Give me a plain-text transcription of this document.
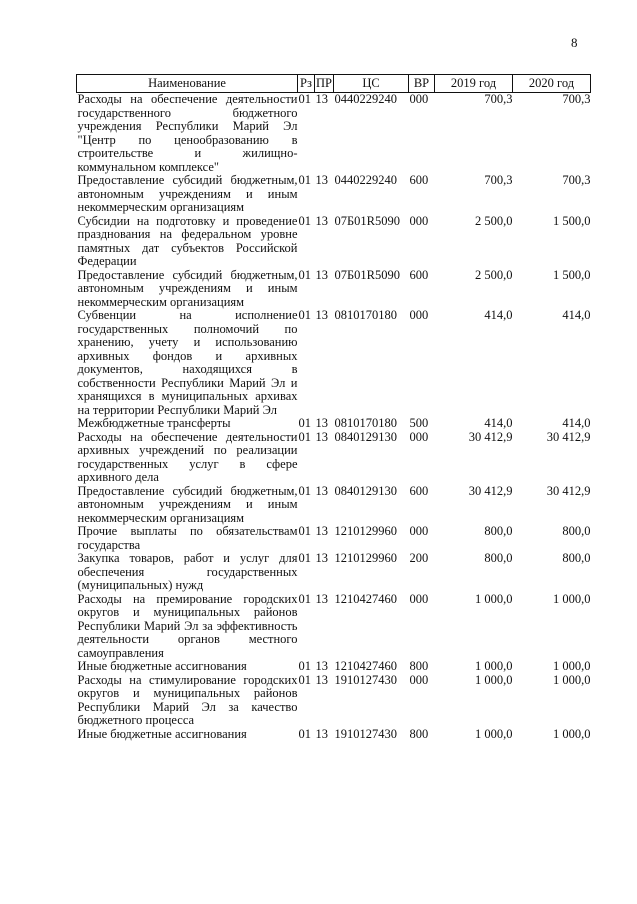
8
Наименование	Рз	ПР	ЦС	ВР	2019 год	2020 год
Расходы на обеспечение деятельности государственного бюджетного учреждения Республики Марий Эл "Центр по ценообразованию в строительстве и жилищно-коммунальном комплексе"	01	13	0440229240	000	700,3	700,3
Предоставление субсидий бюджетным, автономным учреждениям и иным некоммерческим организациям	01	13	0440229240	600	700,3	700,3
Субсидии на подготовку и проведение празднования на федеральном уровне памятных дат субъектов Российской Федерации	01	13	07Б01R5090	000	2 500,0	1 500,0
Предоставление субсидий бюджетным, автономным учреждениям и иным некоммерческим организациям	01	13	07Б01R5090	600	2 500,0	1 500,0
Субвенции на исполнение государственных полномочий по хранению, учету и использованию архивных фондов и архивных документов, находящихся в собственности Республики Марий Эл и хранящихся в муниципальных архивах на территории Республики Марий Эл	01	13	0810170180	000	414,0	414,0
Межбюджетные трансферты	01	13	0810170180	500	414,0	414,0
Расходы на обеспечение деятельности архивных учреждений по реализации государственных услуг в сфере архивного дела	01	13	0840129130	000	30 412,9	30 412,9
Предоставление субсидий бюджетным, автономным учреждениям и иным некоммерческим организациям	01	13	0840129130	600	30 412,9	30 412,9
Прочие выплаты по обязательствам государства	01	13	1210129960	000	800,0	800,0
Закупка товаров, работ и услуг для обеспечения государственных (муниципальных) нужд	01	13	1210129960	200	800,0	800,0
Расходы на премирование городских округов и муниципальных районов Республики Марий Эл за эффективность деятельности органов местного самоуправления	01	13	1210427460	000	1 000,0	1 000,0
Иные бюджетные ассигнования	01	13	1210427460	800	1 000,0	1 000,0
Расходы на стимулирование городских округов и муниципальных районов Республики Марий Эл за качество бюджетного процесса	01	13	1910127430	000	1 000,0	1 000,0
Иные бюджетные ассигнования	01	13	1910127430	800	1 000,0	1 000,0
